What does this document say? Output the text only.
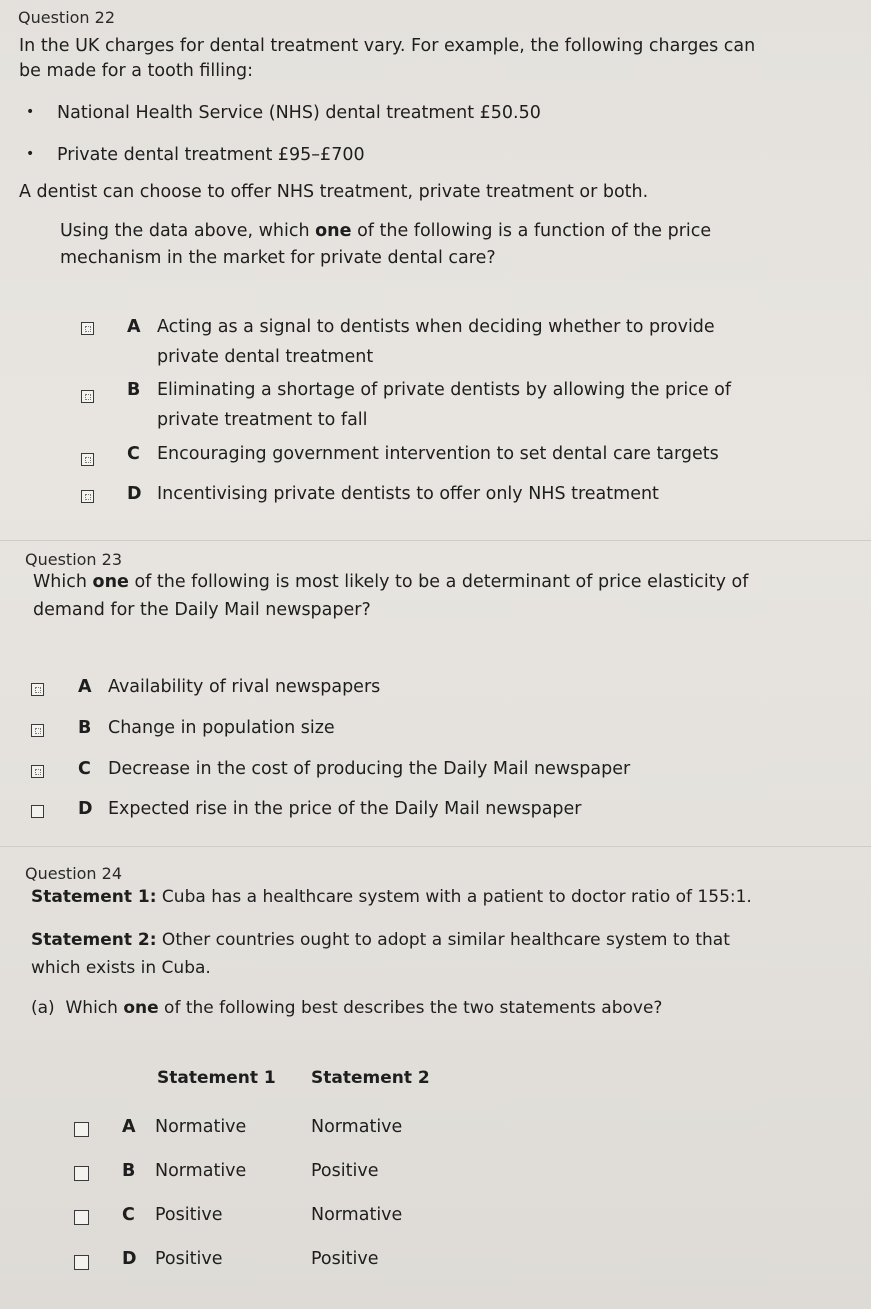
Question 22
In the UK charges for dental treatment vary. For example, the following charges can
be made for a tooth filling:
• National Health Service (NHS) dental treatment £50.50
• Private dental treatment £95–£700
A dentist can choose to offer NHS treatment, private treatment or both.
Using the data above, which one of the following is a function of the price
mechanism in the market for private dental care?
A Acting as a signal to dentists when deciding whether to provide
private dental treatment
B Eliminating a shortage of private dentists by allowing the price of
private treatment to fall
C Encouraging government intervention to set dental care targets
D Incentivising private dentists to offer only NHS treatment
Question 23
Which one of the following is most likely to be a determinant of price elasticity of
demand for the Daily Mail newspaper?
A Availability of rival newspapers
B Change in population size
C Decrease in the cost of producing the Daily Mail newspaper
D Expected rise in the price of the Daily Mail newspaper
Question 24
Statement 1: Cuba has a healthcare system with a patient to doctor ratio of 155:1.
Statement 2: Other countries ought to adopt a similar healthcare system to that
which exists in Cuba.
(a) Which one of the following best describes the two statements above?
Statement 1 Statement 2
A	Normative	Normative
B	Normative	Positive
C	Positive	Normative
D	Positive	Positive
